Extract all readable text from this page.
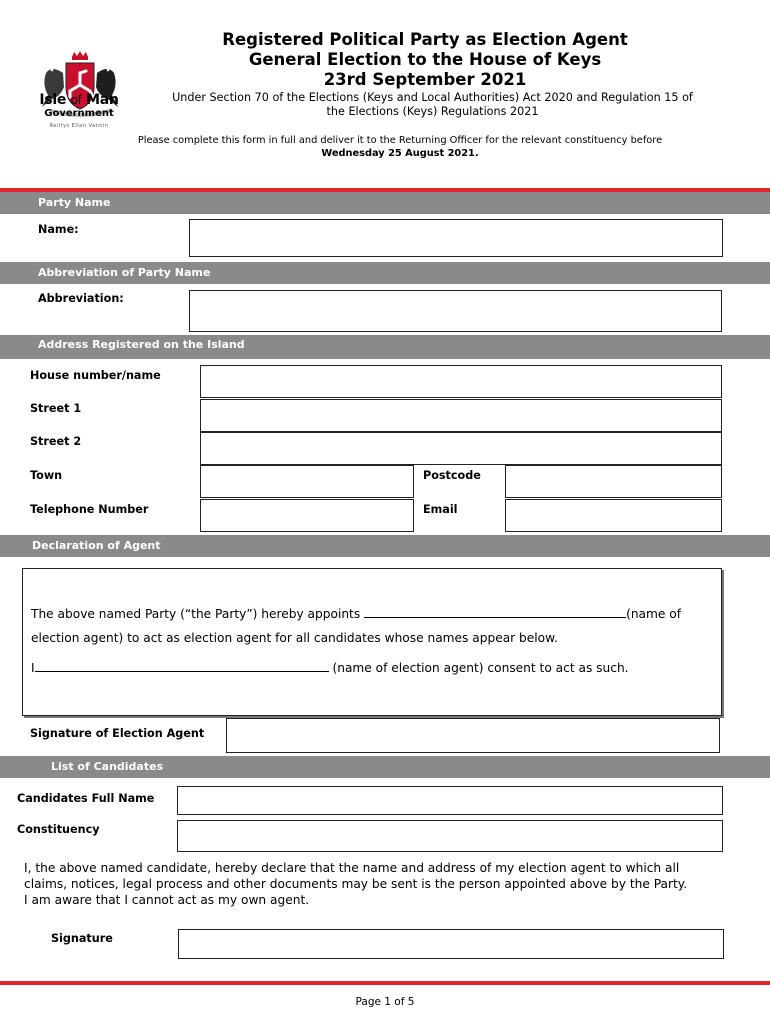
Isle of Man
Government
Reiltys Ellan Vannin
Registered Political Party as Election Agent
General Election to the House of Keys
23rd September 2021
Under Section 70 of the Elections (Keys and Local Authorities) Act 2020 and Regulation 15 of
the Elections (Keys) Regulations 2021
Please complete this form in full and deliver it to the Returning Officer for the relevant constituency before
Wednesday 25 August 2021.
Party Name
Name:
Abbreviation of Party Name
Abbreviation:
Address Registered on the Island
House number/name
Street 1
Street 2
Town	Postcode
Telephone Number	Email
Declaration of Agent
The above named Party (“the Party”) hereby appoints	(name of
election agent) to act as election agent for all candidates whose names appear below.
I	(name of election agent) consent to act as such.
Signature of Election Agent
List of Candidates
Candidates Full Name
Constituency
I, the above named candidate, hereby declare that the name and address of my election agent to which all
claims, notices, legal process and other documents may be sent is the person appointed above by the Party.
I am aware that I cannot act as my own agent.
Signature
Page 1 of 5
